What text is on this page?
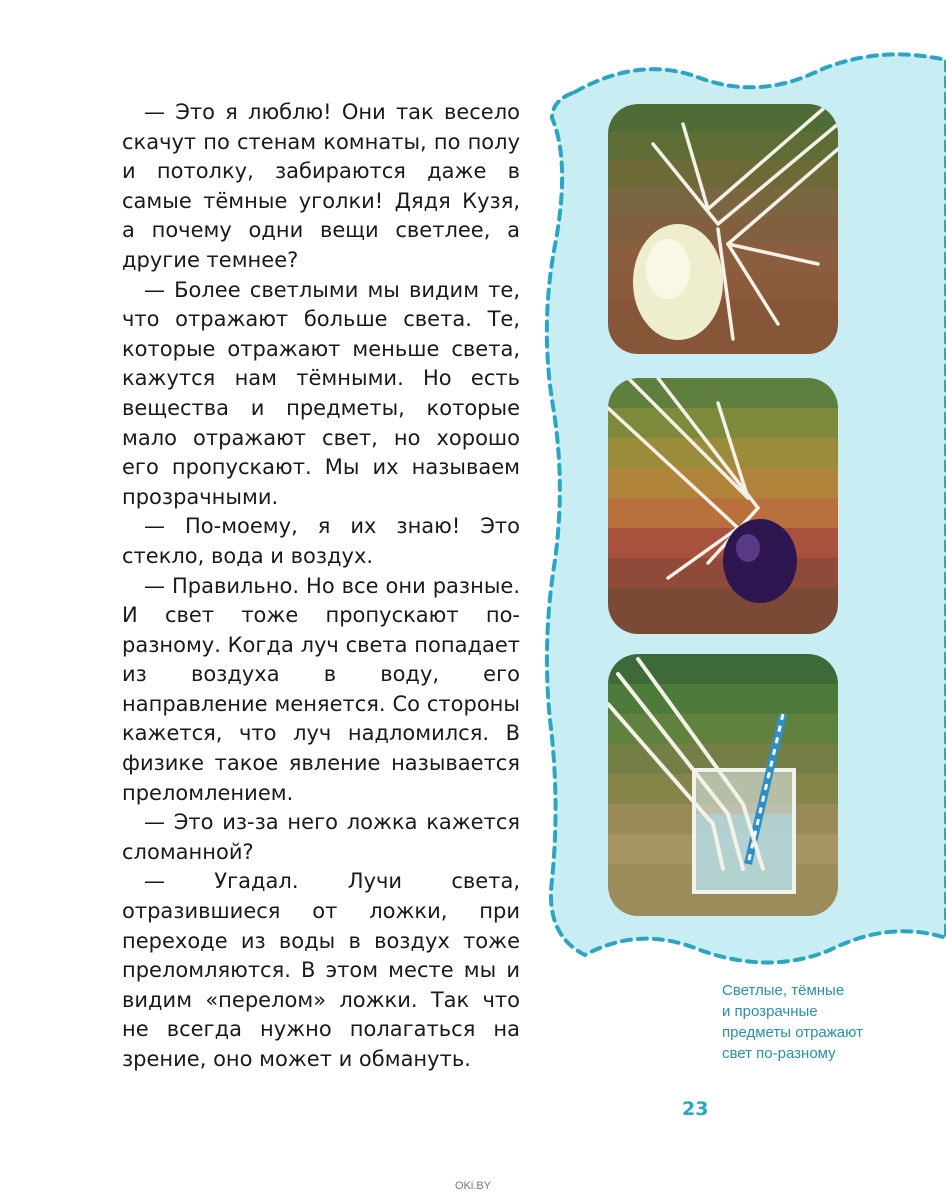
— Это я люблю! Они так весело скачут по стенам комнаты, по полу и потолку, забираются даже в самые тёмные уголки! Дядя Кузя, а почему одни вещи светлее, а другие темнее?

— Более светлыми мы видим те, что отражают больше света. Те, которые отражают меньше света, кажутся нам тёмными. Но есть вещества и предметы, которые мало отражают свет, но хорошо его пропускают. Мы их называем прозрачными.

— По-моему, я их знаю! Это стекло, вода и воздух.

— Правильно. Но все они разные. И свет тоже пропускают по-разному. Когда луч света попадает из воздуха в воду, его направление меняется. Со стороны кажется, что луч надломился. В физике такое явление называется преломлением.

— Это из-за него ложка кажется сломанной?

— Угадал. Лучи света, отразившиеся от ложки, при переходе из воды в воздух тоже преломляются. В этом месте мы и видим «перелом» ложки. Так что не всегда нужно полагаться на зрение, оно может и обмануть.

Светлые, тёмные
и прозрачные
предметы отражают
свет по-разному
23
OKi.BY
